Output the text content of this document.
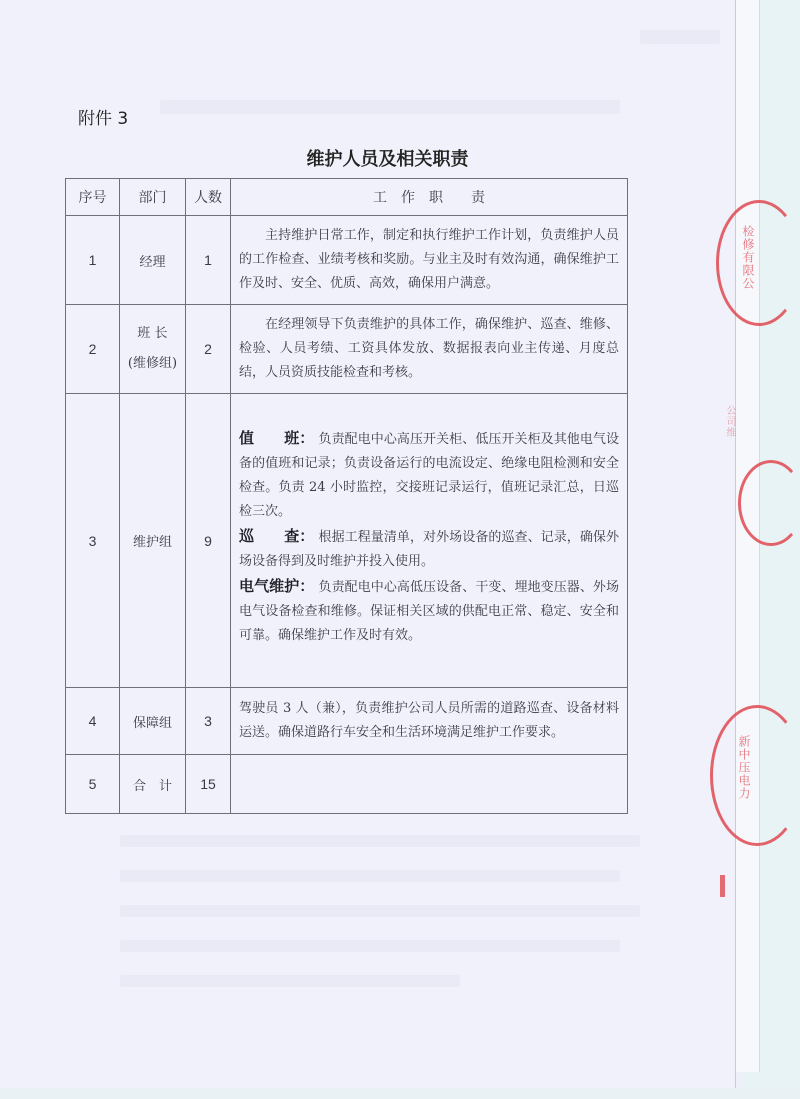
附件 3
维护人员及相关职责
序号	部门	人数	工　作　职　　责
1	经理	1	主持维护日常工作，制定和执行维护工作计划，负责维护人员的工作检查、业绩考核和奖励。与业主及时有效沟通，确保维护工作及时、安全、优质、高效，确保用户满意。

2	班 长
(维修组)	2	在经理领导下负责维护的具体工作，确保维护、巡查、维修、检验、人员考绩、工资具体发放、数据报表向业主传递、月度总结，人员资质技能检查和考核。

3	维护组	9	值　　班： 负责配电中心高压开关柜、低压开关柜及其他电气设备的值班和记录；负责设备运行的电流设定、绝缘电阻检测和安全检查。负责 24 小时监控，交接班记录运行，值班记录汇总，日巡检三次。

巡　　查： 根据工程量清单，对外场设备的巡查、记录，确保外场设备得到及时维护并投入使用。

电气维护： 负责配电中心高低压设备、干变、埋地变压器、外场电气设备检查和维修。保证相关区域的供配电正常、稳定、安全和可靠。确保维护工作及时有效。

4	保障组	3	驾驶员 3 人（兼），负责维护公司人员所需的道路巡查、设备材料运送。确保道路行车安全和生活环境满足维护工作要求。

5	合　计	15	
检修有限公
公司维
新中压电力
